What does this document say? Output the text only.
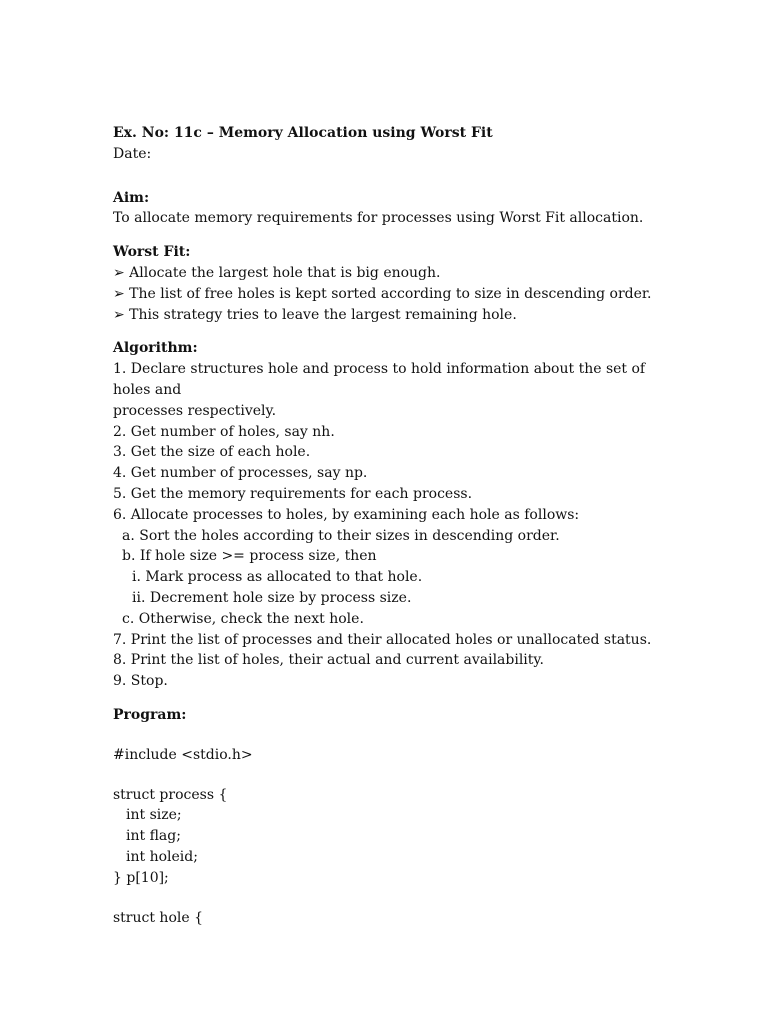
Ex. No: 11c – Memory Allocation using Worst Fit
Date:
Aim:
To allocate memory requirements for processes using Worst Fit allocation.
Worst Fit:
➢ Allocate the largest hole that is big enough.
➢ The list of free holes is kept sorted according to size in descending order.
➢ This strategy tries to leave the largest remaining hole.
Algorithm:
1. Declare structures hole and process to hold information about the set of holes and
processes respectively.
2. Get number of holes, say nh.
3. Get the size of each hole.
4. Get number of processes, say np.
5. Get the memory requirements for each process.
6. Allocate processes to holes, by examining each hole as follows:
a. Sort the holes according to their sizes in descending order.
b. If hole size >= process size, then
i. Mark process as allocated to that hole.
ii. Decrement hole size by process size.
c. Otherwise, check the next hole.
7. Print the list of processes and their allocated holes or unallocated status.
8. Print the list of holes, their actual and current availability.
9. Stop.
Program:
#include <stdio.h>
struct process {
int size;
int flag;
int holeid;
} p[10];
struct hole {
